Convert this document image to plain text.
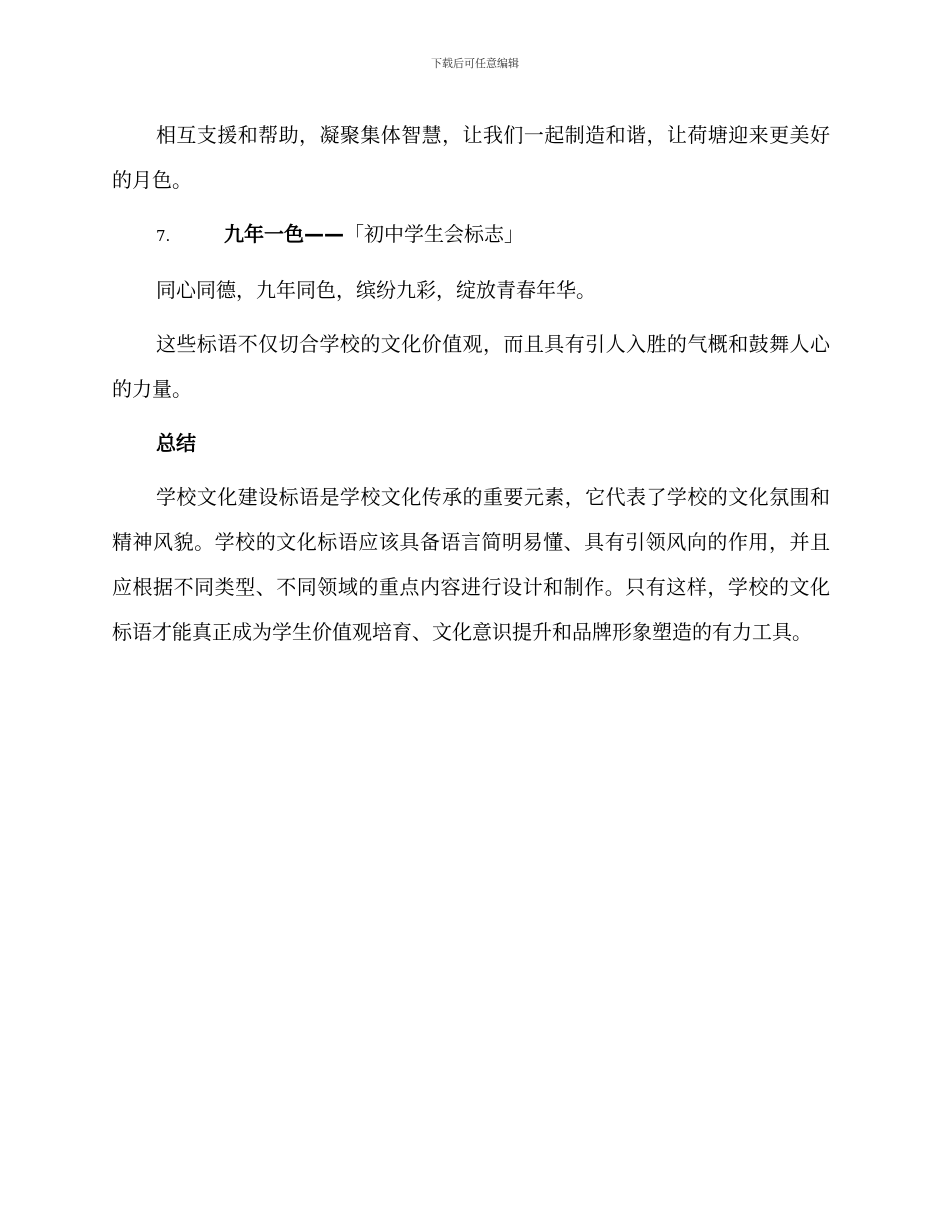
下载后可任意编辑

相互支援和帮助，凝聚集体智慧，让我们一起制造和谐，让荷塘迎来更美好的月色。

7.	九年一色——「初中学生会标志」

同心同德，九年同色，缤纷九彩，绽放青春年华。

这些标语不仅切合学校的文化价值观，而且具有引人入胜的气概和鼓舞人心的力量。

总结

学校文化建设标语是学校文化传承的重要元素，它代表了学校的文化氛围和精神风貌。学校的文化标语应该具备语言简明易懂、具有引领风向的作用，并且应根据不同类型、不同领域的重点内容进行设计和制作。只有这样，学校的文化标语才能真正成为学生价值观培育、文化意识提升和品牌形象塑造的有力工具。
